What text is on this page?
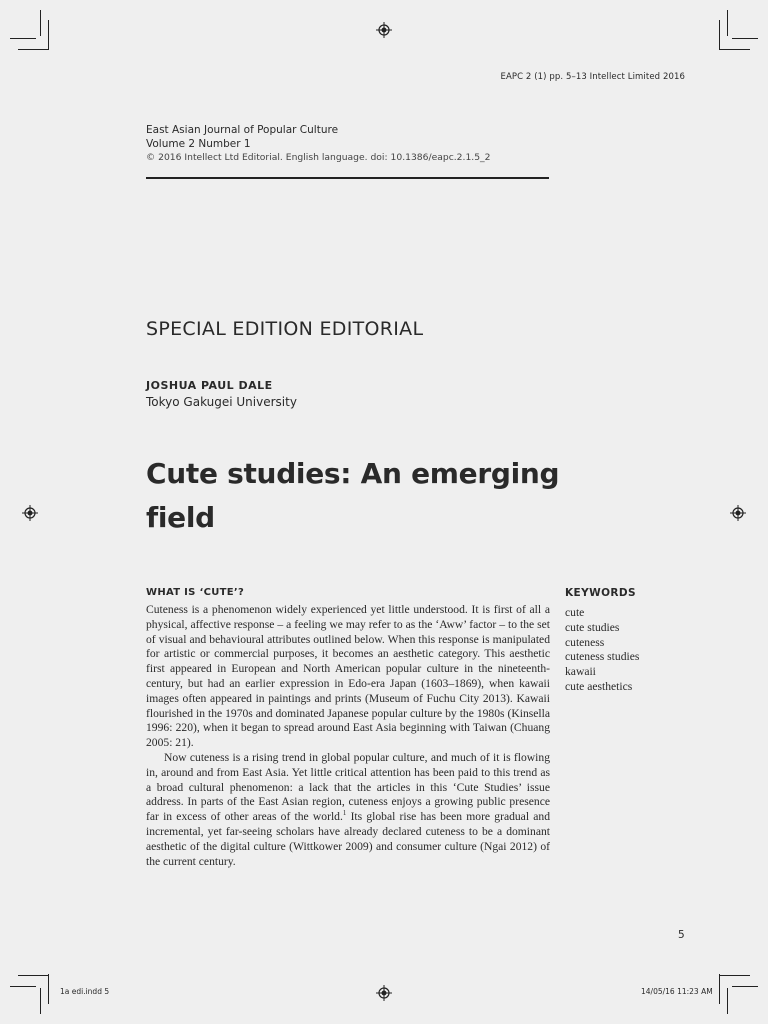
EAPC 2 (1) pp. 5–13 Intellect Limited 2016
East Asian Journal of Popular Culture
Volume 2 Number 1
© 2016 Intellect Ltd Editorial. English language. doi: 10.1386/eapc.2.1.5_2
SPECIAL EDITION EDITORIAL
JOSHUA PAUL DALE
Tokyo Gakugei University
Cute studies: An emerging field
WHAT IS ‘CUTE’?

Cuteness is a phenomenon widely experienced yet little understood. It is first of all a physical, affective response – a feeling we may refer to as the ‘Aww’ factor – to the set of visual and behavioural attributes outlined below. When this response is manipulated for artistic or commercial purposes, it becomes an aesthetic category. This aesthetic first appeared in European and North American popular culture in the nineteenth-century, but had an earlier expression in Edo-era Japan (1603–1869), when kawaii images often appeared in paintings and prints (Museum of Fuchu City 2013). Kawaii flourished in the 1970s and dominated Japanese popular culture by the 1980s (Kinsella 1996: 220), when it began to spread around East Asia beginning with Taiwan (Chuang 2005: 21).

Now cuteness is a rising trend in global popular culture, and much of it is flowing in, around and from East Asia. Yet little critical attention has been paid to this trend as a broad cultural phenomenon: a lack that the articles in this ‘Cute Studies’ issue address. In parts of the East Asian region, cuteness enjoys a growing public presence far in excess of other areas of the world.$^1$ Its global rise has been more gradual and incremental, yet far-seeing scholars have already declared cuteness to be a dominant aesthetic of the digital culture (Wittkower 2009) and consumer culture (Ngai 2012) of the current century.

KEYWORDS
cute
cute studies
cuteness
cuteness studies
kawaii
cute aesthetics
5
1a edi.indd 5	14/05/16 11:23 AM
